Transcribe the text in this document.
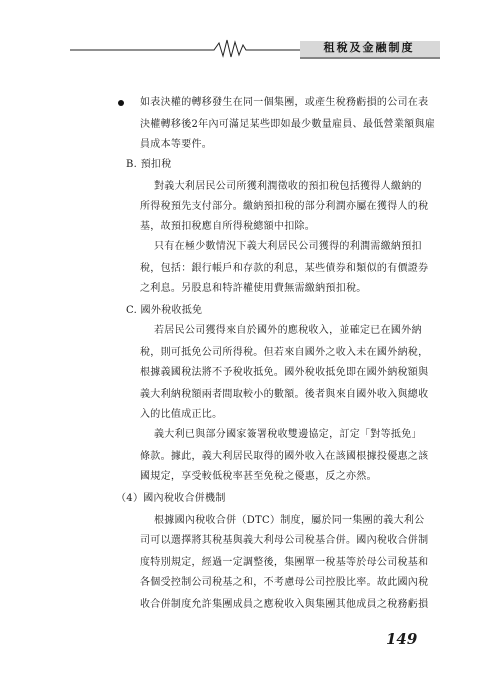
租稅及金融制度
如表決權的轉移發生在同一個集團，或產生稅務虧損的公司在表
決權轉移後2年內可滿足某些即如最少數量雇員、最低營業額與雇
員成本等要件。
B. 預扣稅
對義大利居民公司所獲利潤徵收的預扣稅包括獲得人繳納的
所得稅預先支付部分。繳納預扣稅的部分利潤亦屬在獲得人的稅
基，故預扣稅應自所得稅總額中扣除。
只有在極少數情況下義大利居民公司獲得的利潤需繳納預扣
稅，包括：銀行帳戶和存款的利息，某些債券和類似的有價證券
之利息。另股息和特許權使用費無需繳納預扣稅。
C. 國外稅收抵免
若居民公司獲得來自於國外的應稅收入，並確定已在國外納
稅，則可抵免公司所得稅。但若來自國外之收入未在國外納稅，
根據義國稅法將不予稅收抵免。國外稅收抵免即在國外納稅額與
義大利納稅額兩者間取較小的數額。後者與來自國外收入與總收
入的比值成正比。
義大利已與部分國家簽署稅收雙邊協定，訂定「對等抵免」
條款。據此，義大利居民取得的國外收入在該國根據投優惠之該
國規定，享受較低稅率甚至免稅之優惠，反之亦然。
（4）國內稅收合併機制
根據國內稅收合併（DTC）制度，屬於同一集團的義大利公
司可以選擇將其稅基與義大利母公司稅基合併。國內稅收合併制
度特別規定，經過一定調整後，集團單一稅基等於母公司稅基和
各個受控制公司稅基之和，不考慮母公司控股比率。故此國內稅
收合併制度允許集團成員之應稅收入與集團其他成員之稅務虧損
149
